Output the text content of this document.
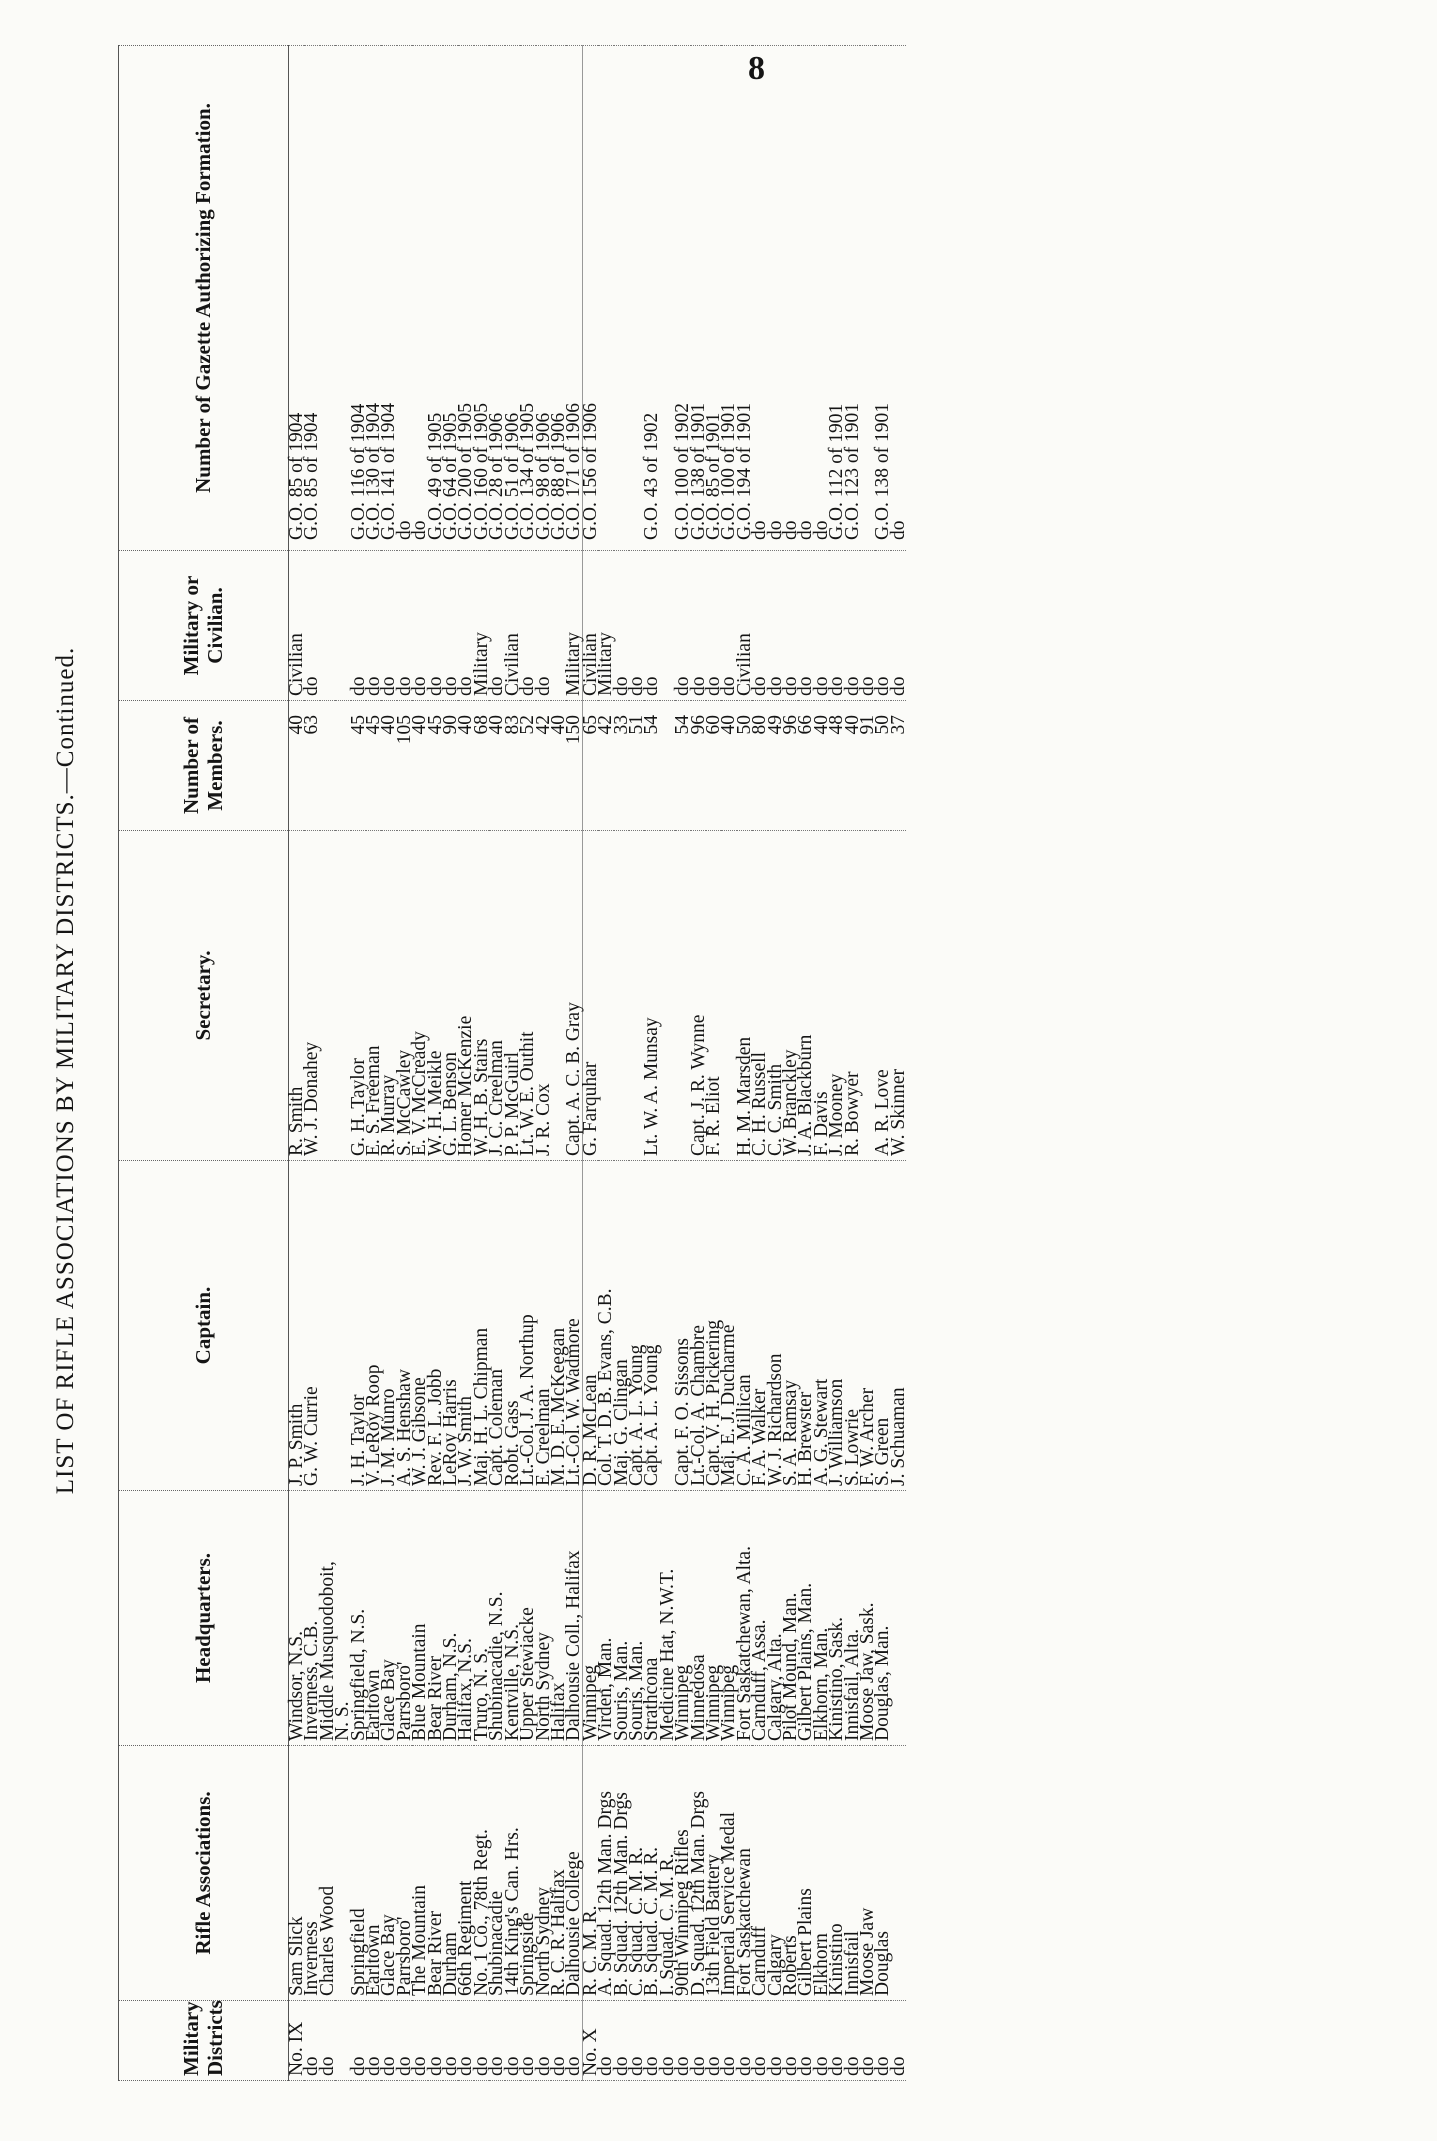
8
LIST OF RIFLE ASSOCIATIONS BY MILITARY DISTRICTS.—Continued.
Military Districts	Rifle Associations.	Headquarters.	Captain.	Secretary.	Number of Members.	Military or Civilian.	Number of Gazette Authorizing Formation.
No. IX	Sam Slick	Windsor, N.S.	J. P. Smith	R. Smith	40	Civilian	G.O. 85 of 1904
do	Inverness	Inverness, C.B.	G. W. Currie	W. J. Donahey	63	do	G.O. 85 of 1904
do	Charles Wood	Middle Musquodoboit,					
		N. S.					
do	Springfield	Springfield, N.S.	J. H. Taylor	G. H. Taylor	45	do	G.O. 116 of 1904
do	Earltown	Earltown	V. LeRoy Roop	E. S. Freeman	45	do	G.O. 130 of 1904
do	Glace Bay	Glace Bay	J. M. Munro	R. Murray	40	do	G.O. 141 of 1904
do	Parrsboro'	Parrsboro'	A. S. Henshaw	S. McCawley	105	do	do
do	The Mountain	Blue Mountain	W. J. Gibsone	E. V. McCready	40	do	do
do	Bear River	Bear River	Rev. F. L. Jobb	W. H. Meikle	45	do	G.O. 49 of 1905
do	Durham	Durham, N.S.	LeRoy Harris	G. L. Benson	90	do	G.O. 64 of 1905
do	66th Regiment	Halifax, N.S.	J. W. Smith	Homer McKenzie	40	do	G.O. 200 of 1905
do	No. 1 Co., 78th Regt.	Truro, N. S.	Maj. H. L. Chipman	W. H. B. Stairs	68	Military	G.O. 160 of 1905
do	Shubinacadie	Shubinacadie, N.S.	Capt. Coleman	J. C. Creelman	40	do	G.O. 28 of 1906
do	14th King's Can. Hrs.	Kentville, N.S.	Robt. Gass	P. P. McGuirl	83	Civilian	G.O. 51 of 1906
do	Springside	Upper Stewiacke	Lt.-Col. J. A. Northup	Lt. W. E. Outhit	52	do	G.O. 134 of 1905
do	North Sydney	North Sydney	E. Creelman	J. R. Cox	42	do	G.O. 98 of 1906
do	R. C. R. Halifax	Halifax	M. D. E. McKeegan		40		G.O. 88 of 1906
do	Dalhousie College	Dalhousie Coll., Halifax	Lt.-Col. W. Wadmore	Capt. A. C. B. Gray	150	Military	G.O. 171 of 1906
No. X	R. C. M. R.	Winnipeg	D. R. McLean	G. Farquhar	65	Civilian	G.O. 156 of 1906
do	A. Squad. 12th Man. Drgs	Virden, Man.	Col. T. D. B. Evans, C.B.		42	Military	
do	B. Squad. 12th Man. Drgs	Souris, Man.	Maj. G. Clingan		33	do	
do	C. Squad. C. M. R.	Souris, Man.	Capt. A. L. Young		51	do	
do	B. Squad. C. M. R.	Strathcona	Capt. A. L. Young	Lt. W. A. Munsay	54	do	G.O. 43 of 1902
do	I. Squad. C. M. R.	Medicine Hat, N.W.T.					
do	90th Winnipeg Rifles	Winnipeg	Capt. F. O. Sissons		54	do	G.O. 100 of 1902
do	D. Squad. 12th Man. Drgs	Minnedosa	Lt.-Col. A. Chambre	Capt. J. R. Wynne	96	do	G.O. 138 of 1901
do	13th Field Battery	Winnipeg	Capt. V. H. Pickering	F. R. Eliot	60	do	G.O. 85 of 1901
do	Imperial Service Medal	Winnipeg	Maj. E. J. Ducharme		40	do	G.O. 100 of 1901
do	Fort Saskatchewan	Fort Saskatchewan, Alta.	C. A. Millican	H. M. Marsden	50	Civilian	G.O. 194 of 1901
do	Carnduff	Carnduff, Assa.	F. A. Walker	C. H. Russell	80	do	do
do	Calgary	Calgary, Alta.	W. J. Richardson	C. C. Smith	49	do	do
do	Roberts	Pilot Mound, Man.	S. A. Ramsay	W. Branckley	96	do	do
do	Gilbert Plains	Gilbert Plains, Man.	H. Brewster	J. A. Blackburn	66	do	do
do	Elkhorn	Elkhorn, Man.	A. G. Stewart	F. Davis	40	do	do
do	Kinistino	Kinistino, Sask.	J. Williamson	J. Mooney	48	do	G.O. 112 of 1901
do	Innisfail	Innisfail, Alta.	S. Lowrie	R. Bowyer	40	do	G.O. 123 of 1901
do	Moose Jaw	Moose Jaw, Sask.	F. W. Archer		91	do	
do	Douglas	Douglas, Man.	S. Green	A. R. Love	50	do	G.O. 138 of 1901
do			J. Schuaman	W. Skinner	37	do	do
